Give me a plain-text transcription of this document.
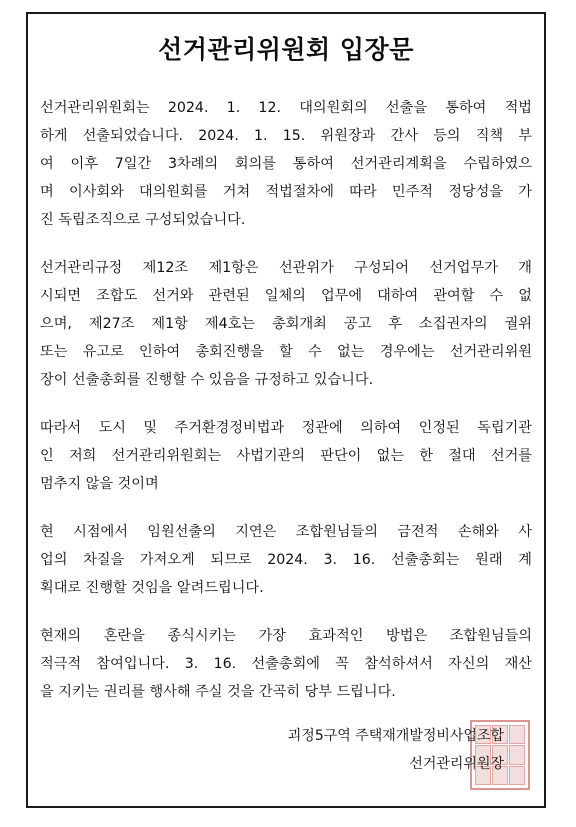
선거관리위원회 입장문

선거관리위원회는 2024. 1. 12. 대의원회의 선출을 통하여 적법
하게 선출되었습니다. 2024. 1. 15. 위원장과 간사 등의 직책 부
여 이후 7일간 3차례의 회의를 통하여 선거관리계획을 수립하였으
며 이사회와 대의원회를 거쳐 적법절차에 따라 민주적 정당성을 가
진 독립조직으로 구성되었습니다.

선거관리규정 제12조 제1항은 선관위가 구성되어 선거업무가 개
시되면 조합도 선거와 관련된 일체의 업무에 대하여 관여할 수 없
으며, 제27조 제1항 제4호는 총회개최 공고 후 소집권자의 궐위
또는 유고로 인하여 총회진행을 할 수 없는 경우에는 선거관리위원
장이 선출총회를 진행할 수 있음을 규정하고 있습니다.

따라서 도시 및 주거환경정비법과 정관에 의하여 인정된 독립기관
인 저희 선거관리위원회는 사법기관의 판단이 없는 한 절대 선거를
멈추지 않을 것이며

현 시점에서 임원선출의 지연은 조합원님들의 금전적 손해와 사
업의 차질을 가져오게 되므로 2024. 3. 16. 선출총회는 원래 계
획대로 진행할 것임을 알려드립니다.

현재의 혼란을 종식시키는 가장 효과적인 방법은 조합원님들의
적극적 참여입니다. 3. 16. 선출총회에 꼭 참석하셔서 자신의 재산
을 지키는 권리를 행사해 주실 것을 간곡히 당부 드립니다.

괴정5구역 주택재개발정비사업조합
선거관리위원장
